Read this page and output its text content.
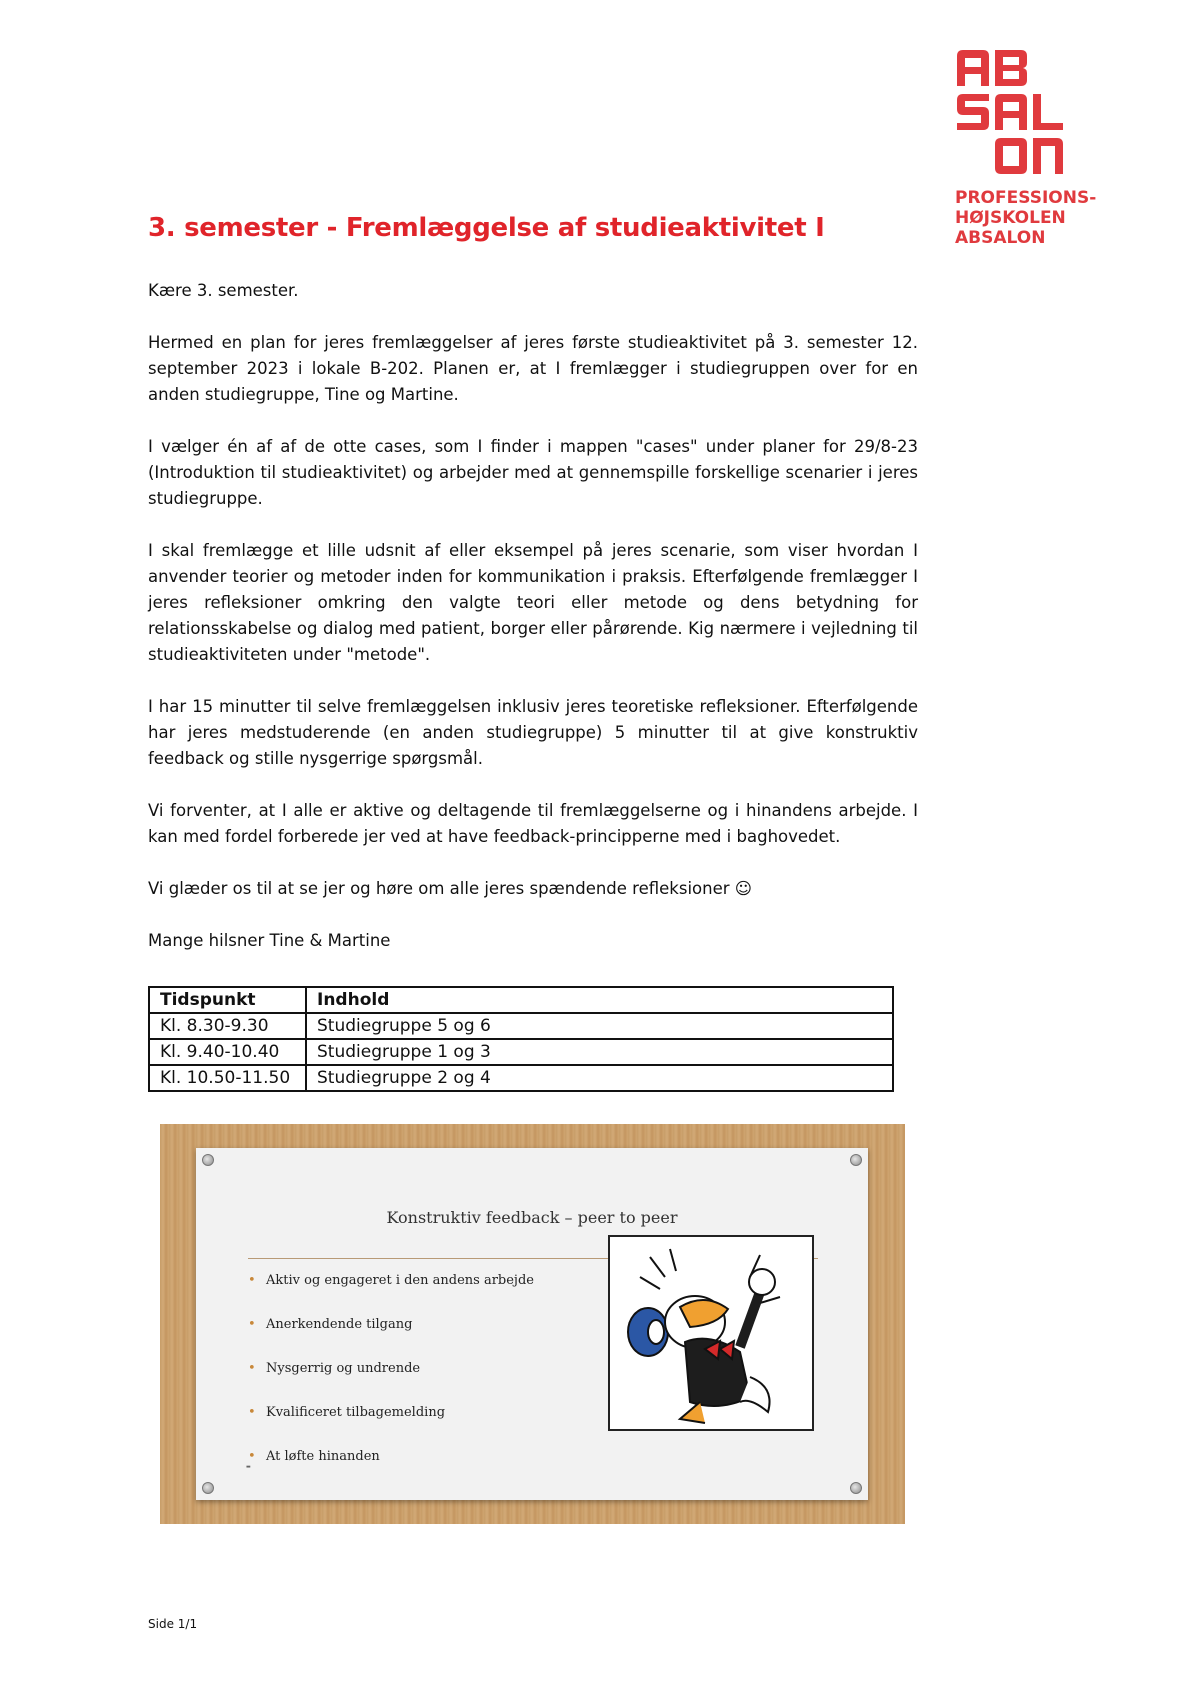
PROFESSIONS-
HØJSKOLEN
ABSALON
3. semester - Fremlæggelse af studieaktivitet I

Kære 3. semester.

Hermed en plan for jeres fremlæggelser af jeres første studieaktivitet på 3. semester 12. september 2023 i lokale B-202. Planen er, at I fremlægger i studiegruppen over for en anden studiegruppe, Tine og Martine.

I vælger én af af de otte cases, som I finder i mappen "cases" under planer for 29/8-23 (Introduktion til studieaktivitet) og arbejder med at gennemspille forskellige scenarier i jeres studiegruppe.

I skal fremlægge et lille udsnit af eller eksempel på jeres scenarie, som viser hvordan I anvender teorier og metoder inden for kommunikation i praksis. Efterfølgende fremlægger I jeres refleksioner omkring den valgte teori eller metode og dens betydning for relationsskabelse og dialog med patient, borger eller pårørende. Kig nærmere i vejledning til studieaktiviteten under "metode".

I har 15 minutter til selve fremlæggelsen inklusiv jeres teoretiske refleksioner. Efterfølgende har jeres medstuderende (en anden studiegruppe) 5 minutter til at give konstruktiv feedback og stille nysgerrige spørgsmål.

Vi forventer, at I alle er aktive og deltagende til fremlæggelserne og i hinandens arbejde. I kan med fordel forberede jer ved at have feedback-principperne med i baghovedet.

Vi glæder os til at se jer og høre om alle jeres spændende refleksioner ☺

Mange hilsner Tine & Martine

Tidspunkt	Indhold
Kl. 8.30-9.30	Studiegruppe 5 og 6
Kl. 9.40-10.40	Studiegruppe 1 og 3
Kl. 10.50-11.50	Studiegruppe 2 og 4
Konstruktiv feedback – peer to peer
• Aktiv og engageret i den andens arbejde
• Anerkendende tilgang
• Nysgerrig og undrende
• Kvalificeret tilbagemelding
• At løfte hinanden
▬
Side 1/1
